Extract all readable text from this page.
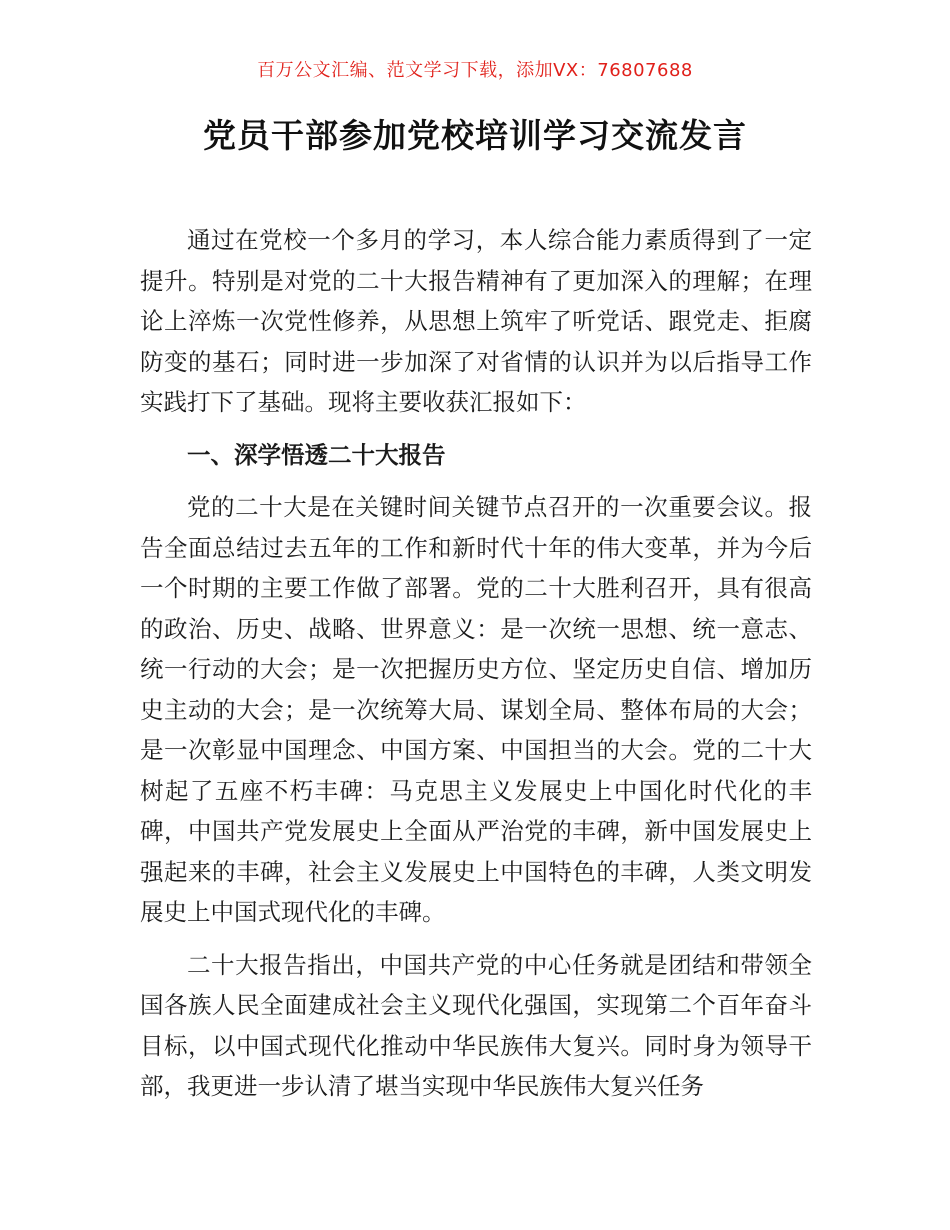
百万公文汇编、范文学习下载，添加VX：76807688
党员干部参加党校培训学习交流发言

通过在党校一个多月的学习，本人综合能力素质得到了一定提升。特别是对党的二十大报告精神有了更加深入的理解；在理论上淬炼一次党性修养，从思想上筑牢了听党话、跟党走、拒腐防变的基石；同时进一步加深了对省情的认识并为以后指导工作实践打下了基础。现将主要收获汇报如下：

一、深学悟透二十大报告

党的二十大是在关键时间关键节点召开的一次重要会议。报告全面总结过去五年的工作和新时代十年的伟大变革，并为今后一个时期的主要工作做了部署。党的二十大胜利召开，具有很高的政治、历史、战略、世界意义：是一次统一思想、统一意志、统一行动的大会；是一次把握历史方位、坚定历史自信、增加历史主动的大会；是一次统筹大局、谋划全局、整体布局的大会；是一次彰显中国理念、中国方案、中国担当的大会。党的二十大树起了五座不朽丰碑：马克思主义发展史上中国化时代化的丰碑，中国共产党发展史上全面从严治党的丰碑，新中国发展史上强起来的丰碑，社会主义发展史上中国特色的丰碑，人类文明发展史上中国式现代化的丰碑。

二十大报告指出，中国共产党的中心任务就是团结和带领全国各族人民全面建成社会主义现代化强国，实现第二个百年奋斗目标，以中国式现代化推动中华民族伟大复兴。同时身为领导干部，我更进一步认清了堪当实现中华民族伟大复兴任务
